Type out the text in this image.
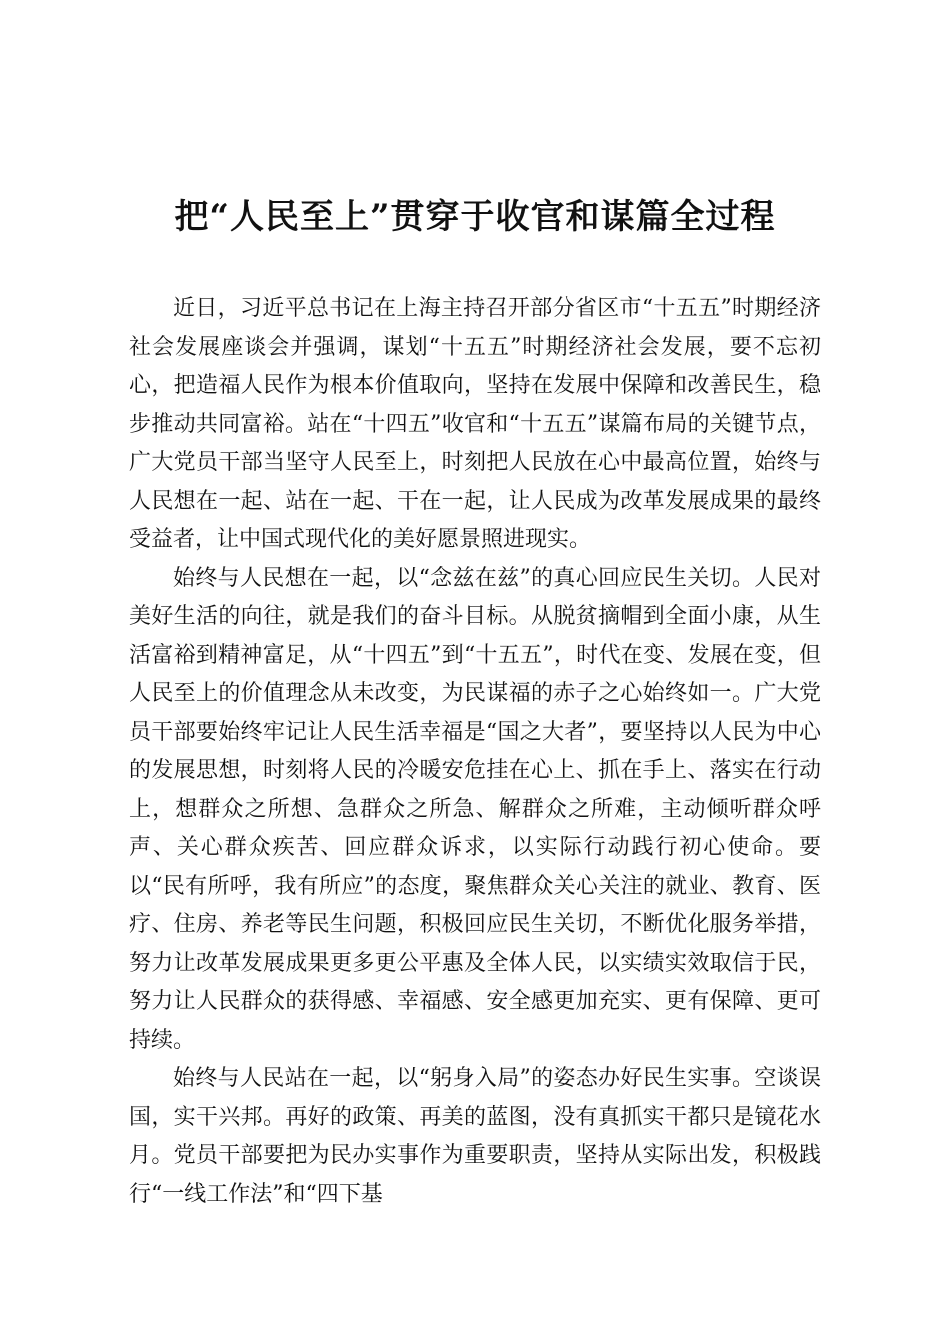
把“人民至上”贯穿于收官和谋篇全过程

近日，习近平总书记在上海主持召开部分省区市“十五五”时期经济社会发展座谈会并强调，谋划“十五五”时期经济社会发展，要不忘初心，把造福人民作为根本价值取向，坚持在发展中保障和改善民生，稳步推动共同富裕。站在“十四五”收官和“十五五”谋篇布局的关键节点，广大党员干部当坚守人民至上，时刻把人民放在心中最高位置，始终与人民想在一起、站在一起、干在一起，让人民成为改革发展成果的最终受益者，让中国式现代化的美好愿景照进现实。

始终与人民想在一起，以“念兹在兹”的真心回应民生关切。人民对美好生活的向往，就是我们的奋斗目标。从脱贫摘帽到全面小康，从生活富裕到精神富足，从“十四五”到“十五五”，时代在变、发展在变，但人民至上的价值理念从未改变，为民谋福的赤子之心始终如一。广大党员干部要始终牢记让人民生活幸福是“国之大者”，要坚持以人民为中心的发展思想，时刻将人民的冷暖安危挂在心上、抓在手上、落实在行动上，想群众之所想、急群众之所急、解群众之所难，主动倾听群众呼声、关心群众疾苦、回应群众诉求，以实际行动践行初心使命。要以“民有所呼，我有所应”的态度，聚焦群众关心关注的就业、教育、医疗、住房、养老等民生问题，积极回应民生关切，不断优化服务举措，努力让改革发展成果更多更公平惠及全体人民，以实绩实效取信于民，努力让人民群众的获得感、幸福感、安全感更加充实、更有保障、更可持续。

始终与人民站在一起，以“躬身入局”的姿态办好民生实事。空谈误国，实干兴邦。再好的政策、再美的蓝图，没有真抓实干都只是镜花水月。党员干部要把为民办实事作为重要职责，坚持从实际出发，积极践行“一线工作法”和“四下基
